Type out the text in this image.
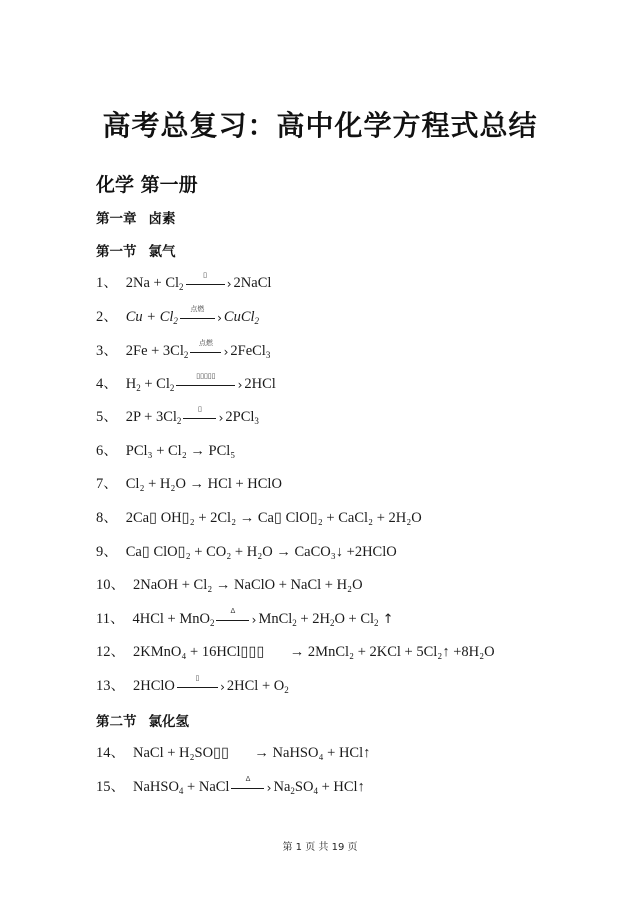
高考总复习：高中化学方程式总结
化学 第一册
第一章 卤素
第一节 氯气
1、 $2Na + Cl_2$
▯
› 2NaCl
2、 $Cu + Cl_2$
点燃
› CuCl$_2$
3、 $2Fe + 3Cl_2$
点燃
› 2FeCl$_3$
4、 $H_2 + Cl_2$
▯▯▯▯▯
› 2HCl
5、 $2P + 3Cl_2$
▯
› 2PCl$_3$
6、 PCl₃ + Cl₂ → PCl₅
7、 Cl₂ + H₂O → HCl + HClO
8、 2Ca▯ OH▯₂ + 2Cl₂ → Ca▯ ClO▯₂ + CaCl₂ + 2H₂O
9、 Ca▯ ClO▯₂ + CO₂ + H₂O → CaCO₃↓ +2HClO
10、 2NaOH + Cl₂ → NaClO + NaCl + H₂O
11、 4HCl + MnO$_2$
Δ
› MnCl$_2$ + $2H_2O + Cl_2$ ↑
12、 2KMnO₄ + 16HCl▯▯▯       → 2MnCl₂ + 2KCl + 5Cl₂↑ +8H₂O
13、 2HClO
▯
› $2HCl + O_2$
第二节 氯化氢
14、 NaCl + H₂SO▯▯       → NaHSO₄ + HCl↑
15、 NaHSO$_4$ + NaCl
Δ
› $Na_2SO_4$ + HCl↑
第 1 页 共 19 页
